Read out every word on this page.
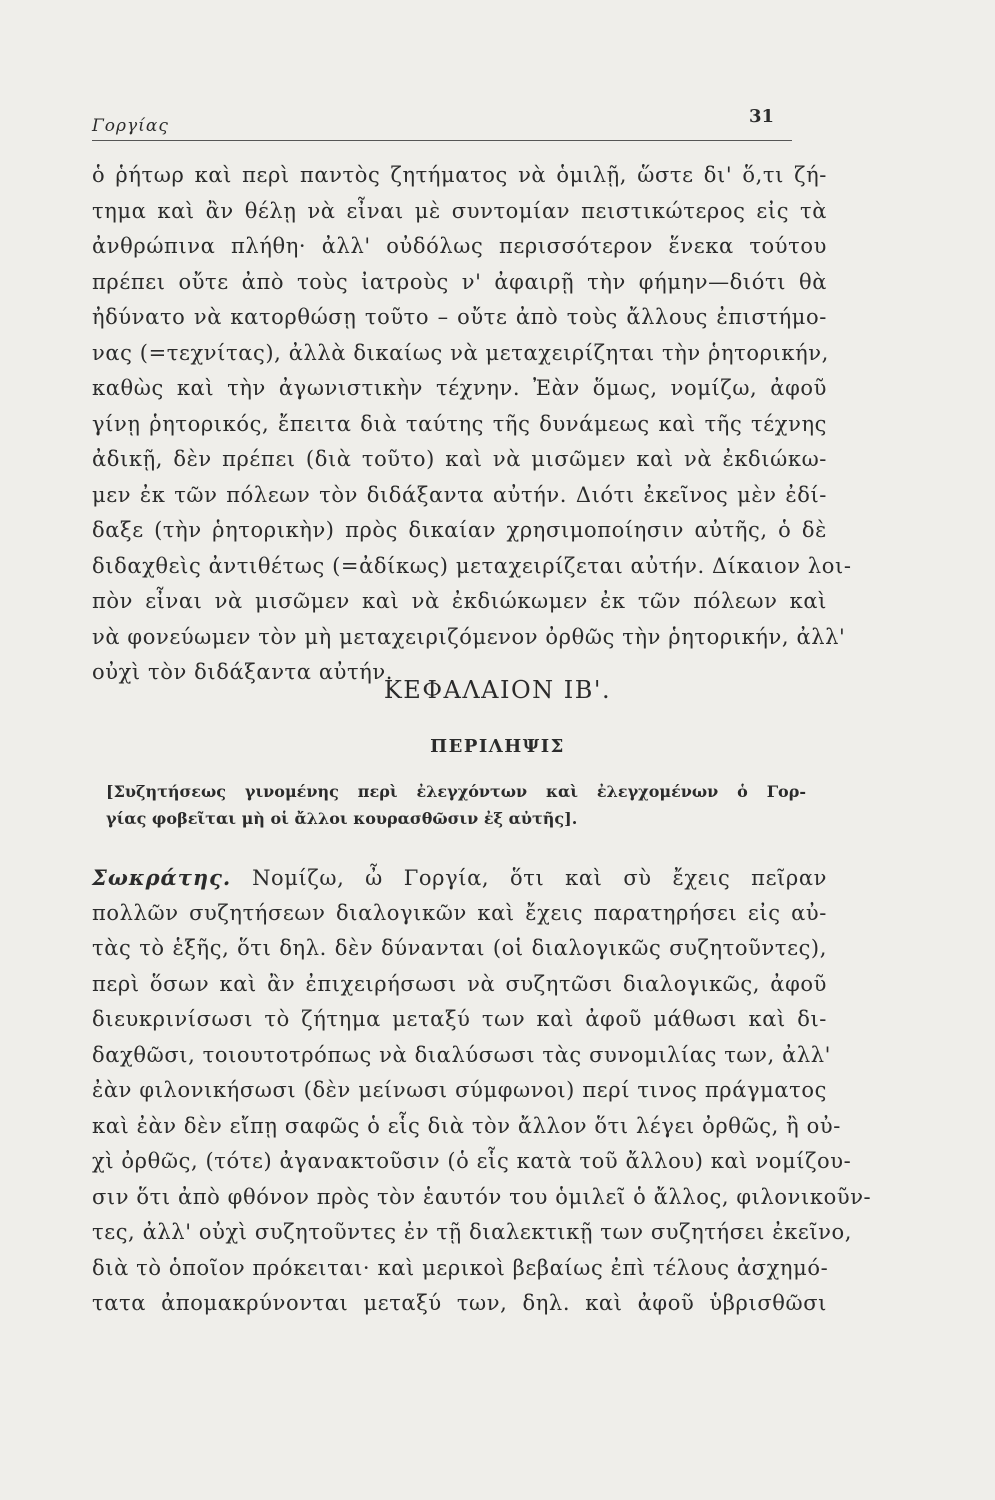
Γοργίας	31
ὁ ῥήτωρ καὶ περὶ παντὸς ζητήματος νὰ ὁμιλῇ, ὥστε δι' ὅ,τι ζή-
τημα καὶ ἂν θέλῃ νὰ εἶναι μὲ συντομίαν πειστικώτερος εἰς τὰ
ἀνθρώπινα πλήθη· ἀλλ' οὐδόλως περισσότερον ἕνεκα τούτου
πρέπει οὔτε ἀπὸ τοὺς ἰατροὺς ν' ἀφαιρῇ τὴν φήμην—διότι θὰ
ἠδύνατο νὰ κατορθώσῃ τοῦτο – οὔτε ἀπὸ τοὺς ἄλλους ἐπιστήμο-
νας (=τεχνίτας), ἀλλὰ δικαίως νὰ μεταχειρίζηται τὴν ῥητορικήν,
καθὼς καὶ τὴν ἀγωνιστικὴν τέχνην. Ἐὰν ὅμως, νομίζω, ἀφοῦ
γίνῃ ῥητορικός, ἔπειτα διὰ ταύτης τῆς δυνάμεως καὶ τῆς τέχνης
ἀδικῇ, δὲν πρέπει (διὰ τοῦτο) καὶ νὰ μισῶμεν καὶ νὰ ἐκδιώκω-
μεν ἐκ τῶν πόλεων τὸν διδάξαντα αὐτήν. Διότι ἐκεῖνος μὲν ἐδί-
δαξε (τὴν ῥητορικὴν) πρὸς δικαίαν χρησιμοποίησιν αὐτῆς, ὁ δὲ
διδαχθεὶς ἀντιθέτως (=ἀδίκως) μεταχειρίζεται αὐτήν. Δίκαιον λοι-
πὸν εἶναι νὰ μισῶμεν καὶ νὰ ἐκδιώκωμεν ἐκ τῶν πόλεων καὶ
νὰ φονεύωμεν τὸν μὴ μεταχειριζόμενον ὀρθῶς τὴν ῥητορικήν, ἀλλ'
οὐχὶ τὸν διδάξαντα αὐτήν.
ΚΕΦΑΛΑΙΟΝ ΙΒ'.
ΠΕΡΙΛΗΨΙΣ
[Συζητήσεως γινομένης περὶ ἐλεγχόντων καὶ ἐλεγχομένων ὁ Γορ-
γίας φοβεῖται μὴ οἱ ἄλλοι κουρασθῶσιν ἐξ αὐτῆς].
Σωκράτης. Νομίζω, ὦ Γοργία, ὅτι καὶ σὺ ἔχεις πεῖραν
πολλῶν συζητήσεων διαλογικῶν καὶ ἔχεις παρατηρήσει εἰς αὐ-
τὰς τὸ ἑξῆς, ὅτι δηλ. δὲν δύνανται (οἱ διαλογικῶς συζητοῦντες),
περὶ ὅσων καὶ ἂν ἐπιχειρήσωσι νὰ συζητῶσι διαλογικῶς, ἀφοῦ
διευκρινίσωσι τὸ ζήτημα μεταξύ των καὶ ἀφοῦ μάθωσι καὶ δι-
δαχθῶσι, τοιουτοτρόπως νὰ διαλύσωσι τὰς συνομιλίας των, ἀλλ'
ἐὰν φιλονικήσωσι (δὲν μείνωσι σύμφωνοι) περί τινος πράγματος
καὶ ἐὰν δὲν εἴπῃ σαφῶς ὁ εἷς διὰ τὸν ἄλλον ὅτι λέγει ὀρθῶς, ἢ οὐ-
χὶ ὀρθῶς, (τότε) ἀγανακτοῦσιν (ὁ εἷς κατὰ τοῦ ἄλλου) καὶ νομίζου-
σιν ὅτι ἀπὸ φθόνον πρὸς τὸν ἑαυτόν του ὁμιλεῖ ὁ ἄλλος, φιλονικοῦν-
τες, ἀλλ' οὐχὶ συζητοῦντες ἐν τῇ διαλεκτικῇ των συζητήσει ἐκεῖνο,
διὰ τὸ ὁποῖον πρόκειται· καὶ μερικοὶ βεβαίως ἐπὶ τέλους ἀσχημό-
τατα ἀπομακρύνονται μεταξύ των, δηλ. καὶ ἀφοῦ ὑβρισθῶσι
